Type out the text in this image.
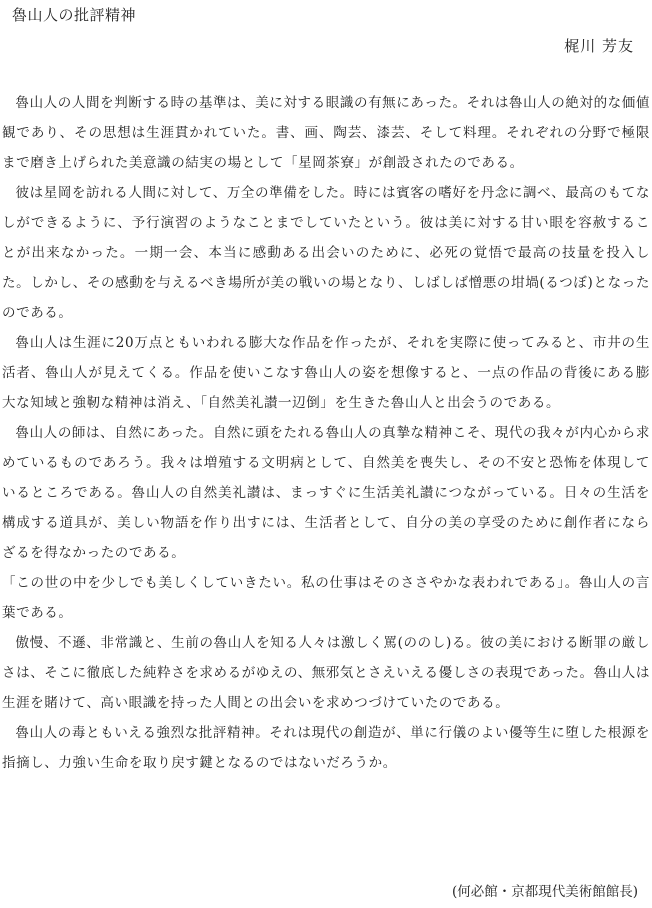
魯山人の批評精神
梶川 芳友

魯山人の人間を判断する時の基準は、美に対する眼識の有無にあった。それは魯山人の絶対的な価値観であり、その思想は生涯貫かれていた。書、画、陶芸、漆芸、そして料理。それぞれの分野で極限まで磨き上げられた美意識の結実の場として「星岡茶寮」が創設されたのである。

彼は星岡を訪れる人間に対して、万全の準備をした。時には賓客の嗜好を丹念に調べ、最高のもてなしができるように、予行演習のようなことまでしていたという。彼は美に対する甘い眼を容赦することが出来なかった。一期一会、本当に感動ある出会いのために、必死の覚悟で最高の技量を投入した。しかし、その感動を与えるべき場所が美の戦いの場となり、しばしば憎悪の坩堝(るつぼ)となったのである。

魯山人は生涯に20万点ともいわれる膨大な作品を作ったが、それを実際に使ってみると、市井の生活者、魯山人が見えてくる。作品を使いこなす魯山人の姿を想像すると、一点の作品の背後にある膨大な知域と強靭な精神は消え、「自然美礼讃一辺倒」を生きた魯山人と出会うのである。

魯山人の師は、自然にあった。自然に頭をたれる魯山人の真摯な精神こそ、現代の我々が内心から求めているものであろう。我々は増殖する文明病として、自然美を喪失し、その不安と恐怖を体現しているところである。魯山人の自然美礼讃は、まっすぐに生活美礼讃につながっている。日々の生活を構成する道具が、美しい物語を作り出すには、生活者として、自分の美の享受のために創作者にならざるを得なかったのである。

「この世の中を少しでも美しくしていきたい。私の仕事はそのささやかな表われである」。魯山人の言葉である。

傲慢、不遜、非常識と、生前の魯山人を知る人々は激しく罵(ののし)る。彼の美における断罪の厳しさは、そこに徹底した純粋さを求めるがゆえの、無邪気とさえいえる優しさの表現であった。魯山人は生涯を賭けて、高い眼識を持った人間との出会いを求めつづけていたのである。

魯山人の毒ともいえる強烈な批評精神。それは現代の創造が、単に行儀のよい優等生に堕した根源を指摘し、力強い生命を取り戻す鍵となるのではないだろうか。

(何必館・京都現代美術館館長)
